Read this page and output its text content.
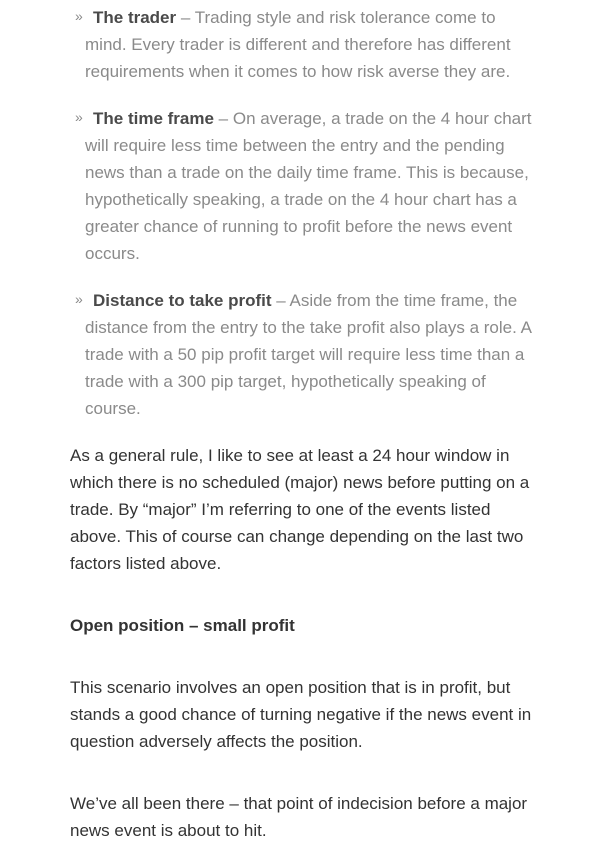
» The trader – Trading style and risk tolerance come to mind. Every trader is different and therefore has different requirements when it comes to how risk averse they are.
» The time frame – On average, a trade on the 4 hour chart will require less time between the entry and the pending news than a trade on the daily time frame. This is because, hypothetically speaking, a trade on the 4 hour chart has a greater chance of running to profit before the news event occurs.
» Distance to take profit – Aside from the time frame, the distance from the entry to the take profit also plays a role. A trade with a 50 pip profit target will require less time than a trade with a 300 pip target, hypothetically speaking of course.

As a general rule, I like to see at least a 24 hour window in which there is no scheduled (major) news before putting on a trade. By “major” I’m referring to one of the events listed above. This of course can change depending on the last two factors listed above.

Open position – small profit

This scenario involves an open position that is in profit, but stands a good chance of turning negative if the news event in question adversely affects the position.

We’ve all been there – that point of indecision before a major news event is about to hit.
